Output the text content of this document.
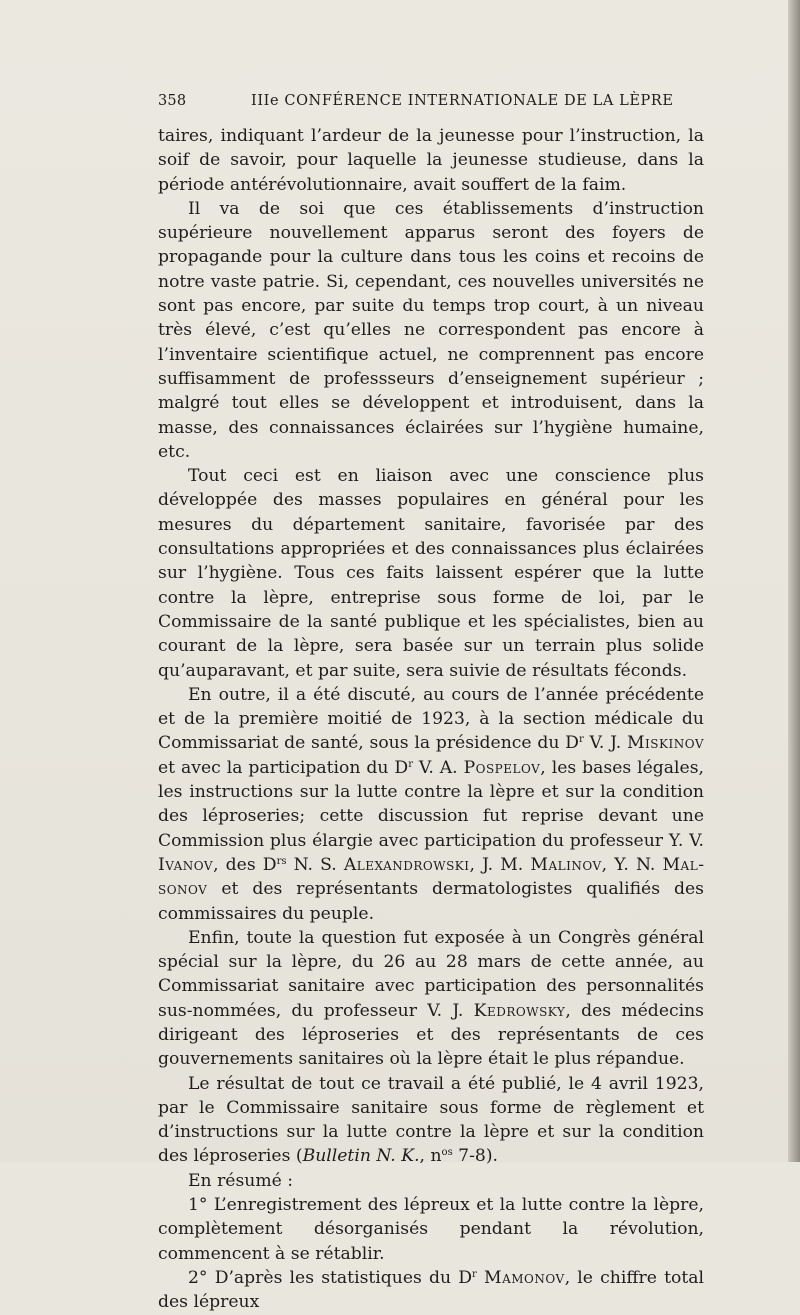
358	IIIe CONFÉRENCE INTERNATIONALE DE LA LÈPRE

taires, indiquant l’ardeur de la jeunesse pour l’instruction, la soif de savoir, pour laquelle la jeunesse studieuse, dans la période antérévolutionnaire, avait souffert de la faim.

Il va de soi que ces établissements d’instruction supérieure nouvellement apparus seront des foyers de propagande pour la culture dans tous les coins et recoins de notre vaste patrie. Si, cependant, ces nouvelles universités ne sont pas encore, par suite du temps trop court, à un niveau très élevé, c’est qu’elles ne correspondent pas encore à l’inventaire scientifique actuel, ne comprennent pas encore suffisamment de professseurs d’enseignement supérieur ; malgré tout elles se développent et introduisent, dans la masse, des connaissances éclairées sur l’hygiène humaine, etc.

Tout ceci est en liaison avec une conscience plus développée des masses populaires en général pour les mesures du département sanitaire, favorisée par des consultations appropriées et des connaissances plus éclairées sur l’hygiène. Tous ces faits laissent espérer que la lutte contre la lèpre, entreprise sous forme de loi, par le Commissaire de la santé publique et les spécialistes, bien au courant de la lèpre, sera basée sur un terrain plus solide qu’auparavant, et par suite, sera suivie de résultats féconds.

En outre, il a été discuté, au cours de l’année précédente et de la première moitié de 1923, à la section médicale du Commissariat de santé, sous la présidence du $D^r$ V. J. Miskinov et avec la participation du $D^r$ V. A. Pospelov, les bases légales, les instructions sur la lutte contre la lèpre et sur la condition des léproseries; cette discussion fut reprise devant une Commission plus élargie avec participation du professeur Y. V. Ivanov, des $D^{rs}$ N. S. Alexandrowski, J. M. Malinov, Y. N. Malsonov et des représentants dermatologistes qualifiés des commissaires du peuple.

Enfin, toute la question fut exposée à un Congrès général spécial sur la lèpre, du 26 au 28 mars de cette année, au Commissariat sanitaire avec participation des personnalités sus-nommées, du professeur V. J. Kedrowsky, des médecins dirigeant des léproseries et des représentants de ces gouvernements sanitaires où la lèpre était le plus répandue.

Le résultat de tout ce travail a été publié, le 4 avril 1923, par le Commissaire sanitaire sous forme de règlement et d’instructions sur la lutte contre la lèpre et sur la condition des léproseries (Bulletin N. K., $n^{os}$ 7-8).

En résumé :

1° L’enregistrement des lépreux et la lutte contre la lèpre, complètement désorganisés pendant la révolution, commencent à se rétablir.

2° D’après les statistiques du $D^r$ Mamonov, le chiffre total des lépreux
